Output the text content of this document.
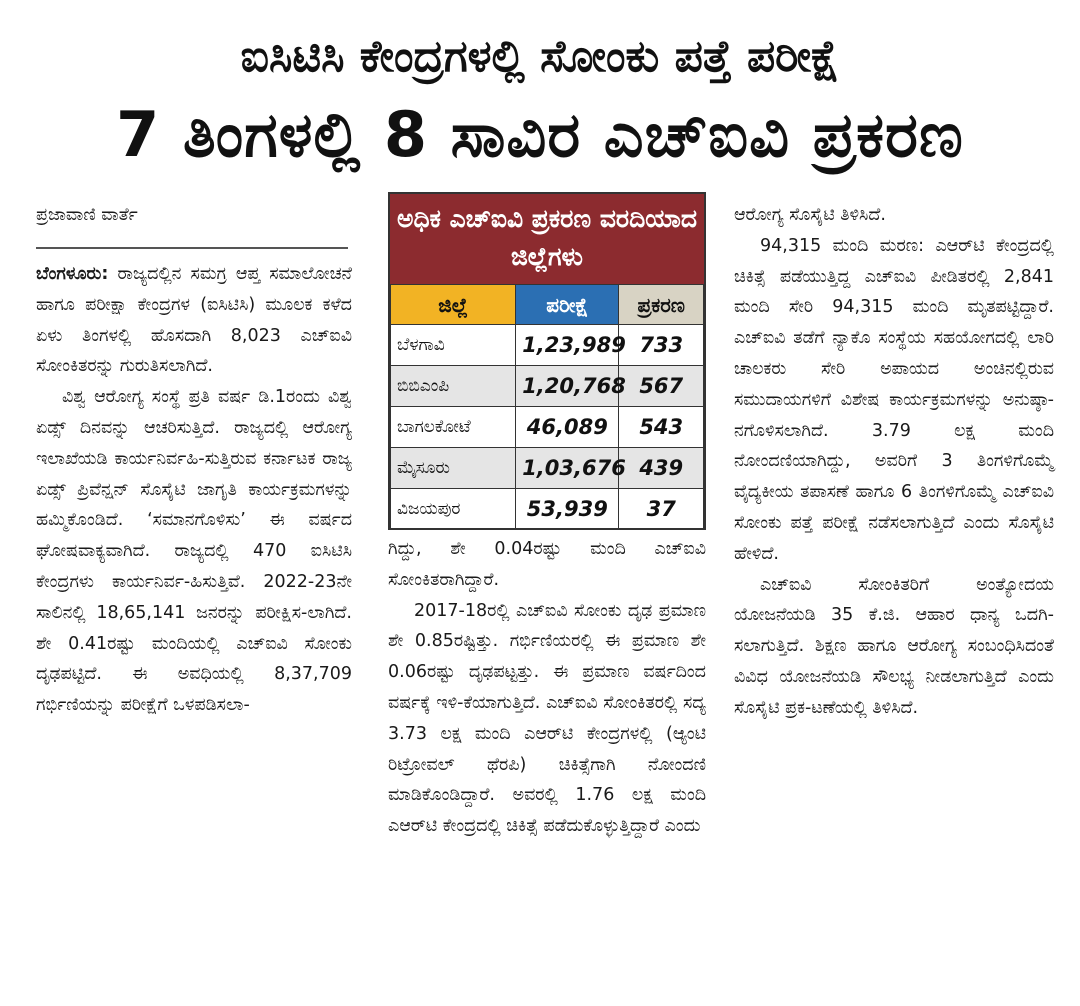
ಐಸಿಟಿಸಿ ಕೇಂದ್ರಗಳಲ್ಲಿ ಸೋಂಕು ಪತ್ತೆ ಪರೀಕ್ಷೆ
7 ತಿಂಗಳಲ್ಲಿ 8 ಸಾವಿರ ಎಚ್‌ಐವಿ ಪ್ರಕರಣ
ಪ್ರಜಾವಾಣಿ ವಾರ್ತೆ

ಬೆಂಗಳೂರು: ರಾಜ್ಯದಲ್ಲಿನ ಸಮಗ್ರ ಆಪ್ತ ಸಮಾಲೋಚನೆ ಹಾಗೂ ಪರೀಕ್ಷಾ ಕೇಂದ್ರಗಳ (ಐಸಿಟಿಸಿ) ಮೂಲಕ ಕಳೆದ ಏಳು ತಿಂಗಳಲ್ಲಿ ಹೊಸದಾಗಿ 8,023 ಎಚ್‌ಐವಿ ಸೋಂಕಿತರನ್ನು ಗುರುತಿಸಲಾಗಿದೆ.

ವಿಶ್ವ ಆರೋಗ್ಯ ಸಂಸ್ಥೆ ಪ್ರತಿ ವರ್ಷ ಡಿ.1ರಂದು ವಿಶ್ವ ಏಡ್ಸ್ ದಿನವನ್ನು ಆಚರಿಸುತ್ತಿದೆ. ರಾಜ್ಯದಲ್ಲಿ ಆರೋಗ್ಯ ಇಲಾಖೆಯಡಿ ಕಾರ್ಯನಿರ್ವಹಿ-ಸುತ್ತಿರುವ ಕರ್ನಾಟಕ ರಾಜ್ಯ ಏಡ್ಸ್ ಪ್ರಿವೆನ್ಷನ್ ಸೊಸೈಟಿ ಜಾಗೃತಿ ಕಾರ್ಯಕ್ರಮಗಳನ್ನು ಹಮ್ಮಿಕೊಂಡಿದೆ. ‘ಸಮಾನಗೊಳಿಸು’ ಈ ವರ್ಷದ ಘೋಷವಾಕ್ಯವಾಗಿದೆ. ರಾಜ್ಯದಲ್ಲಿ 470 ಐಸಿಟಿಸಿ ಕೇಂದ್ರಗಳು ಕಾರ್ಯನಿರ್ವ-ಹಿಸುತ್ತಿವೆ. 2022-23ನೇ ಸಾಲಿನಲ್ಲಿ 18,65,141 ಜನರನ್ನು ಪರೀಕ್ಷಿಸ-ಲಾಗಿದೆ. ಶೇ 0.41ರಷ್ಟು ಮಂದಿಯಲ್ಲಿ ಎಚ್‌ಐವಿ ಸೋಂಕು ದೃಢಪಟ್ಟಿದೆ. ಈ ಅವಧಿಯಲ್ಲಿ 8,37,709 ಗರ್ಭಿಣಿಯನ್ನು ಪರೀಕ್ಷೆಗೆ ಒಳಪಡಿಸಲಾ-

ಅಧಿಕ ಎಚ್‌ಐವಿ ಪ್ರಕರಣ ವರದಿಯಾದ ಜಿಲ್ಲೆಗಳು
ಜಿಲ್ಲೆ	ಪರೀಕ್ಷೆ	ಪ್ರಕರಣ
ಬೆಳಗಾವಿ	1,23,989	733
ಬಿಬಿಎಂಪಿ	1,20,768	567
ಬಾಗಲಕೋಟೆ	46,089	543
ಮೈಸೂರು	1,03,676	439
ವಿಜಯಪುರ	53,939	37

ಗಿದ್ದು, ಶೇ 0.04ರಷ್ಟು ಮಂದಿ ಎಚ್‌ಐವಿ ಸೋಂಕಿತರಾಗಿದ್ದಾರೆ.

2017-18ರಲ್ಲಿ ಎಚ್‌ಐವಿ ಸೋಂಕು ದೃಢ ಪ್ರಮಾಣ ಶೇ 0.85ರಷ್ಟಿತ್ತು. ಗರ್ಭಿಣಿಯರಲ್ಲಿ ಈ ಪ್ರಮಾಣ ಶೇ 0.06ರಷ್ಟು ದೃಢಪಟ್ಟತ್ತು. ಈ ಪ್ರಮಾಣ ವರ್ಷದಿಂದ ವರ್ಷಕ್ಕೆ ಇಳಿ-ಕೆಯಾಗುತ್ತಿದೆ. ಎಚ್‌ಐವಿ ಸೋಂಕಿತರಲ್ಲಿ ಸದ್ಯ 3.73 ಲಕ್ಷ ಮಂದಿ ಎಆರ್‌ಟಿ ಕೇಂದ್ರಗಳಲ್ಲಿ (ಆ್ಯಂಟಿ ರಿಟ್ರೋವಲ್ ಥೆರಪಿ) ಚಿಕಿತ್ಸೆಗಾಗಿ ನೋಂದಣಿ ಮಾಡಿಕೊಂಡಿದ್ದಾರೆ. ಅವರಲ್ಲಿ 1.76 ಲಕ್ಷ ಮಂದಿ ಎಆರ್‌ಟಿ ಕೇಂದ್ರದಲ್ಲಿ ಚಿಕಿತ್ಸೆ ಪಡೆದುಕೊಳ್ಳುತ್ತಿದ್ದಾರೆ ಎಂದು

ಆರೋಗ್ಯ ಸೊಸೈಟಿ ತಿಳಿಸಿದೆ.

94,315 ಮಂದಿ ಮರಣ: ಎಆರ್‌ಟಿ ಕೇಂದ್ರದಲ್ಲಿ ಚಿಕಿತ್ಸೆ ಪಡೆಯುತ್ತಿದ್ದ ಎಚ್‌ಐವಿ ಪೀಡಿತರಲ್ಲಿ 2,841 ಮಂದಿ ಸೇರಿ 94,315 ಮಂದಿ ಮೃತಪಟ್ಟಿದ್ದಾರೆ. ಎಚ್‌ಐವಿ ತಡೆಗೆ ನ್ಯಾಕೊ ಸಂಸ್ಥೆಯ ಸಹಯೋಗದಲ್ಲಿ ಲಾರಿ ಚಾಲಕರು ಸೇರಿ ಅಪಾಯದ ಅಂಚಿನಲ್ಲಿರುವ ಸಮುದಾಯಗಳಿಗೆ ವಿಶೇಷ ಕಾರ್ಯಕ್ರಮಗಳನ್ನು ಅನುಷ್ಠಾ-ನಗೊಳಿಸಲಾಗಿದೆ. 3.79 ಲಕ್ಷ ಮಂದಿ ನೋಂದಣಿಯಾಗಿದ್ದು, ಅವರಿಗೆ 3 ತಿಂಗಳಿಗೊಮ್ಮೆ ವೈದ್ಯಕೀಯ ತಪಾಸಣೆ ಹಾಗೂ 6 ತಿಂಗಳಿಗೊಮ್ಮೆ ಎಚ್‌ಐವಿ ಸೋಂಕು ಪತ್ತೆ ಪರೀಕ್ಷೆ ನಡೆಸಲಾಗುತ್ತಿದೆ ಎಂದು ಸೊಸೈಟಿ ಹೇಳಿದೆ.

ಎಚ್‌ಐವಿ ಸೋಂಕಿತರಿಗೆ ಅಂತ್ಯೋದಯ ಯೋಜನೆಯಡಿ 35 ಕೆ.ಜಿ. ಆಹಾರ ಧಾನ್ಯ ಒದಗಿ-ಸಲಾಗುತ್ತಿದೆ. ಶಿಕ್ಷಣ ಹಾಗೂ ಆರೋಗ್ಯ ಸಂಬಂಧಿಸಿದಂತೆ ವಿವಿಧ ಯೋಜನೆಯಡಿ ಸೌಲಭ್ಯ ನೀಡಲಾಗುತ್ತಿದೆ ಎಂದು ಸೊಸೈಟಿ ಪ್ರಕ-ಟಣೆಯಲ್ಲಿ ತಿಳಿಸಿದೆ.
